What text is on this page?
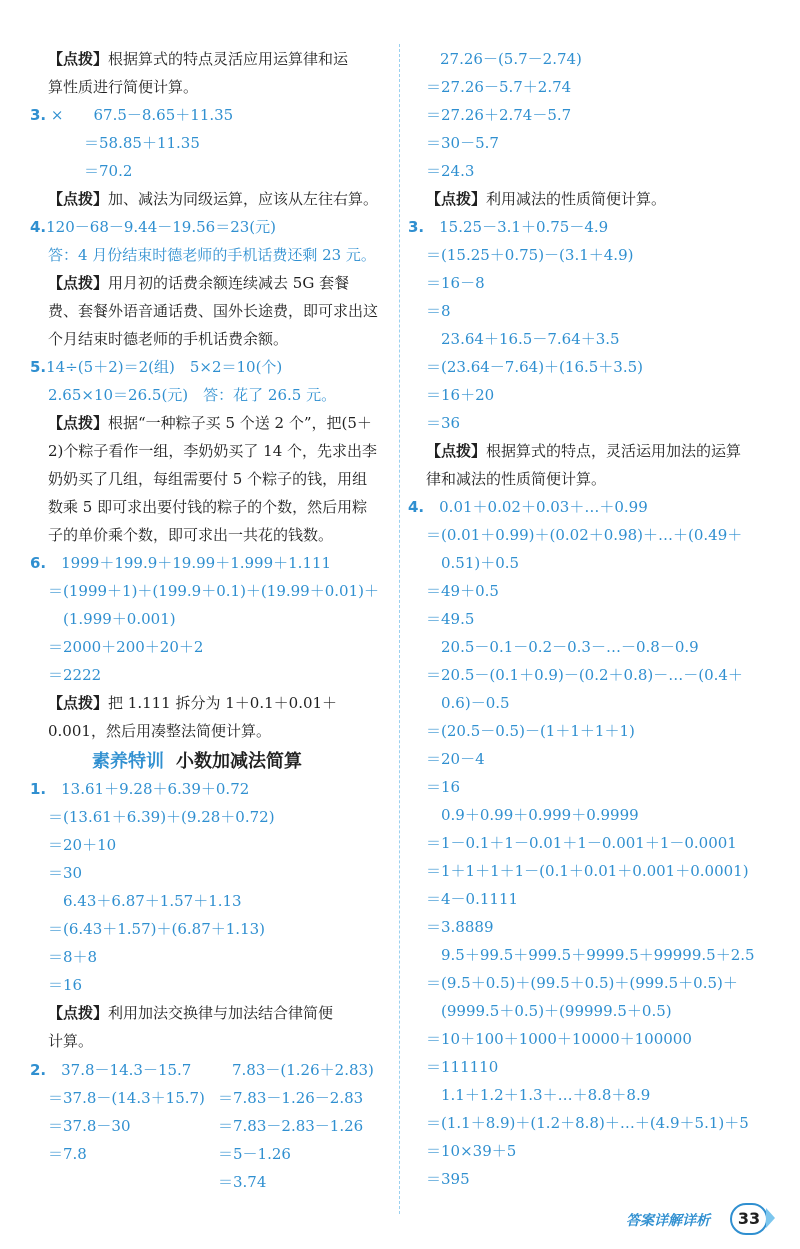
【点拨】根据算式的特点灵活应用运算律和运
算性质进行简便计算。
3. ×　　67.5－8.65＋11.35
＝58.85＋11.35
＝70.2
【点拨】加、减法为同级运算，应该从左往右算。
4.120－68－9.44－19.56＝23(元)
答：4 月份结束时德老师的手机话费还剩 23 元。
【点拨】用月初的话费余额连续减去 5G 套餐
费、套餐外语音通话费、国外长途费，即可求出这
个月结束时德老师的手机话费余额。
5.14÷(5＋2)＝2(组)　5×2＝10(个)
2.65×10＝26.5(元)　答：花了 26.5 元。
【点拨】根据“一种粽子买 5 个送 2 个”，把(5＋
2)个粽子看作一组，李奶奶买了 14 个，先求出李
奶奶买了几组，每组需要付 5 个粽子的钱，用组
数乘 5 即可求出要付钱的粽子的个数，然后用粽
子的单价乘个数，即可求出一共花的钱数。
6.　1999＋199.9＋19.99＋1.999＋1.111
＝(1999＋1)＋(199.9＋0.1)＋(19.99＋0.01)＋
　(1.999＋0.001)
＝2000＋200＋20＋2
＝2222
【点拨】把 1.111 拆分为 1＋0.1＋0.01＋
0.001，然后用凑整法简便计算。
1.　13.61＋9.28＋6.39＋0.72
＝(13.61＋6.39)＋(9.28＋0.72)
＝20＋10
＝30
　6.43＋6.87＋1.57＋1.13
＝(6.43＋1.57)＋(6.87＋1.13)
＝8＋8
＝16
【点拨】利用加法交换律与加法结合律简便
计算。
2.　37.8－14.3－15.7
＝37.8－(14.3＋15.7)
＝37.8－30
＝7.8
7.83－(1.26＋2.83)
＝7.83－1.26－2.83
＝7.83－2.83－1.26
＝5－1.26
＝3.74
素养特训 小数加减法简算
27.26－(5.7－2.74)
＝27.26－5.7＋2.74
＝27.26＋2.74－5.7
＝30－5.7
＝24.3
【点拨】利用减法的性质简便计算。
3.　15.25－3.1＋0.75－4.9
＝(15.25＋0.75)－(3.1＋4.9)
＝16－8
＝8
　23.64＋16.5－7.64＋3.5
＝(23.64－7.64)＋(16.5＋3.5)
＝16＋20
＝36
【点拨】根据算式的特点，灵活运用加法的运算
律和减法的性质简便计算。
4.　0.01＋0.02＋0.03＋…＋0.99
＝(0.01＋0.99)＋(0.02＋0.98)＋…＋(0.49＋
　0.51)＋0.5
＝49＋0.5
＝49.5
　20.5－0.1－0.2－0.3－…－0.8－0.9
＝20.5－(0.1＋0.9)－(0.2＋0.8)－…－(0.4＋
　0.6)－0.5
＝(20.5－0.5)－(1＋1＋1＋1)
＝20－4
＝16
　0.9＋0.99＋0.999＋0.9999
＝1－0.1＋1－0.01＋1－0.001＋1－0.0001
＝1＋1＋1＋1－(0.1＋0.01＋0.001＋0.0001)
＝4－0.1111
＝3.8889
　9.5＋99.5＋999.5＋9999.5＋99999.5＋2.5
＝(9.5＋0.5)＋(99.5＋0.5)＋(999.5＋0.5)＋
　(9999.5＋0.5)＋(99999.5＋0.5)
＝10＋100＋1000＋10000＋100000
＝111110
　1.1＋1.2＋1.3＋…＋8.8＋8.9
＝(1.1＋8.9)＋(1.2＋8.8)＋…＋(4.9＋5.1)＋5
＝10×39＋5
＝395
答案详解详析	33
